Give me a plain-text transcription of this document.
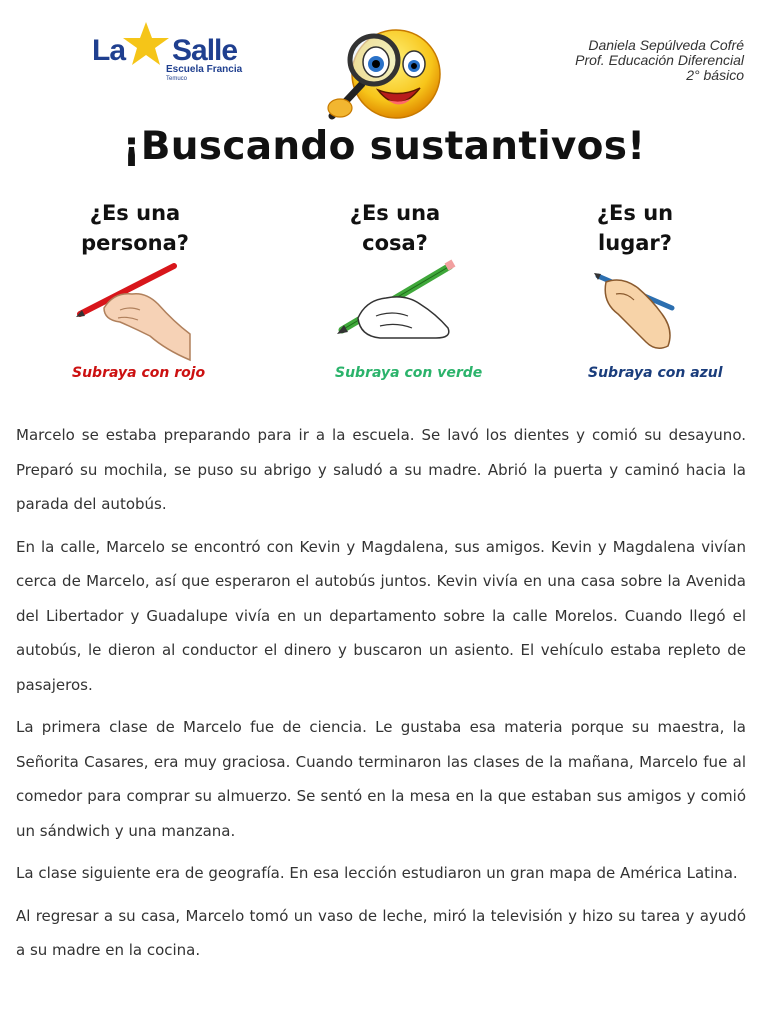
La Salle
Escuela Francia
Temuco
Daniela Sepúlveda Cofré
Prof. Educación Diferencial
2° básico
¡Buscando sustantivos!
¿Es una
persona?
¿Es una
cosa?
¿Es un
lugar?
Subraya con rojo	Subraya con verde	Subraya con azul

Marcelo se estaba preparando para ir a la escuela. Se lavó los dientes y comió su desayuno. Preparó su mochila, se puso su abrigo y saludó a su madre. Abrió la puerta y caminó hacia la parada del autobús.

En la calle, Marcelo se encontró con Kevin y Magdalena, sus amigos. Kevin y Magdalena vivían cerca de Marcelo, así que esperaron el autobús juntos. Kevin vivía en una casa sobre la Avenida del Libertador y Guadalupe vivía en un departamento sobre la calle Morelos. Cuando llegó el autobús, le dieron al conductor el dinero y buscaron un asiento. El vehículo estaba repleto de pasajeros.

La primera clase de Marcelo fue de ciencia. Le gustaba esa materia porque su maestra, la Señorita Casares, era muy graciosa. Cuando terminaron las clases de la mañana, Marcelo fue al comedor para comprar su almuerzo. Se sentó en la mesa en la que estaban sus amigos y comió un sándwich y una manzana.

La clase siguiente era de geografía. En esa lección estudiaron un gran mapa de América Latina.

Al regresar a su casa, Marcelo tomó un vaso de leche, miró la televisión y hizo su tarea y ayudó a su madre en la cocina.
